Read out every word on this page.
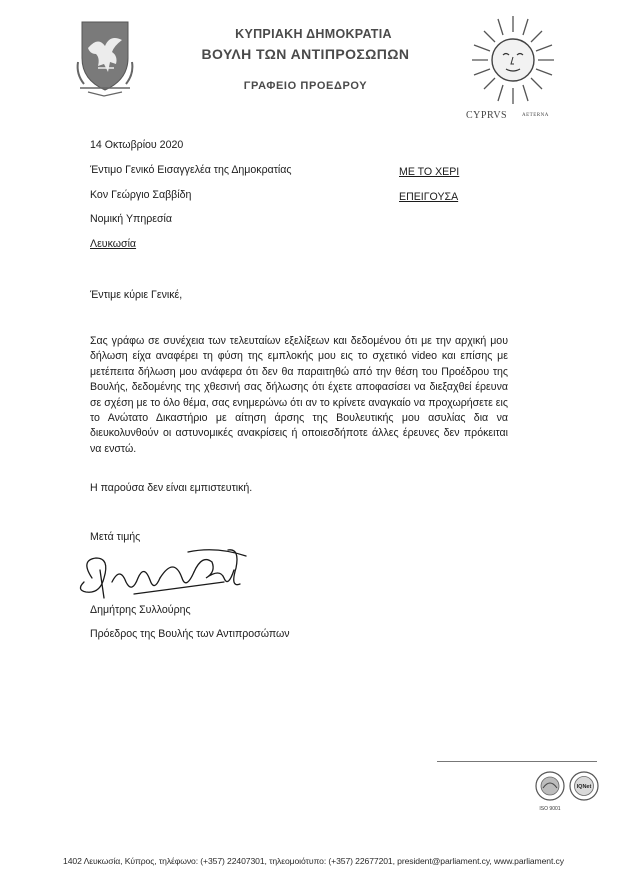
ΚΥΠΡΙΑΚΗ ΔΗΜΟΚΡΑΤΙΑ
ΒΟΥΛΗ ΤΩΝ ΑΝΤΙΠΡΟΣΩΠΩΝ
ΓΡΑΦΕΙΟ ΠΡΟΕΔΡΟΥ
CYPRVS	AETERNA
14 Οκτωβρίου 2020
Έντιμο Γενικό Εισαγγελέα της Δημοκρατίας
Κον Γεώργιο Σαββίδη
Νομική Υπηρεσία
Λευκωσία
ΜΕ ΤΟ ΧΕΡΙ
ΕΠΕΙΓΟΥΣΑ
Έντιμε κύριε Γενικέ,
Σας γράφω σε συνέχεια των τελευταίων εξελίξεων και δεδομένου ότι με την αρχική μου δήλωση είχα αναφέρει τη φύση της εμπλοκής μου εις το σχετικό video και επίσης με μετέπειτα δήλωση μου ανάφερα ότι δεν θα παραιτηθώ από την θέση του Προέδρου της Βουλής, δεδομένης της χθεσινή σας δήλωσης ότι έχετε αποφασίσει να διεξαχθεί έρευνα σε σχέση με το όλο θέμα, σας ενημερώνω ότι αν το κρίνετε αναγκαίο να προχωρήσετε εις το Ανώτατο Δικαστήριο με αίτηση άρσης της Βουλευτικής μου ασυλίας δια να διευκολυνθούν οι αστυνομικές ανακρίσεις ή οποιεσδήποτε άλλες έρευνες δεν πρόκειται να ενστώ.
Η παρούσα δεν είναι εμπιστευτική.
Μετά τιμής
Δημήτρης Συλλούρης
Πρόεδρος της Βουλής των Αντιπροσώπων
ISO 9001
IQNet
1402 Λευκωσία, Κύπρος, τηλέφωνο: (+357) 22407301, τηλεομοιότυπο: (+357) 22677201, president@parliament.cy, www.parliament.cy
